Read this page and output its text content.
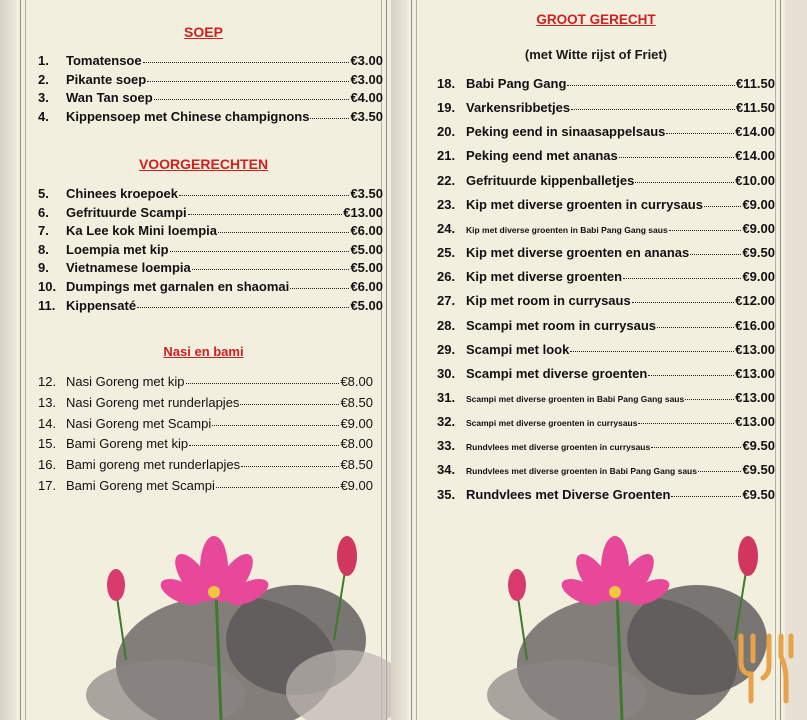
SOEP
1.	Tomatensoe	€3.00
2.	Pikante soep	€3.00
3.	Wan Tan soep	€4.00
4.	Kippensoep met Chinese champignons	€3.50
VOORGERECHTEN
5.	Chinees kroepoek	€3.50
6.	Gefrituurde Scampi	€13.00
7.	Ka Lee kok Mini loempia	€6.00
8.	Loempia met kip	€5.00
9.	Vietnamese loempia	€5.00
10. Dumpings met garnalen en shaomai	€6.00
11. Kippensaté	€5.00
Nasi en bami
12. Nasi Goreng met kip	€8.00
13. Nasi Goreng met runderlapjes	€8.50
14. Nasi Goreng met Scampi	€9.00
15. Bami Goreng met kip	€8.00
16. Bami goreng met runderlapjes	€8.50
17. Bami Goreng met Scampi	€9.00
GROOT GERECHT
(met Witte rijst of Friet)
18. Babi Pang Gang	€11.50
19. Varkensribbetjes	€11.50
20. Peking eend in sinaasappelsaus	€14.00
21. Peking eend met ananas	€14.00
22. Gefrituurde kippenballetjes	€10.00
23. Kip met diverse groenten in currysaus	€9.00
24.	Kip met diverse groenten in Babi Pang Gang saus	€9.00
25. Kip met diverse groenten en ananas	€9.50
26. Kip met diverse groenten	€9.00
27. Kip met room in currysaus	€12.00
28. Scampi met room in currysaus	€16.00
29. Scampi met look	€13.00
30. Scampi met diverse groenten	€13.00
31.	Scampi met diverse groenten in Babi Pang Gang saus	€13.00
32.	Scampi met diverse groenten in currysaus	€13.00
33.	Rundvlees met diverse groenten in currysaus	€9.50
34.	Rundvlees met diverse groenten in Babi Pang Gang saus	€9.50
35. Rundvlees met Diverse Groenten	€9.50
